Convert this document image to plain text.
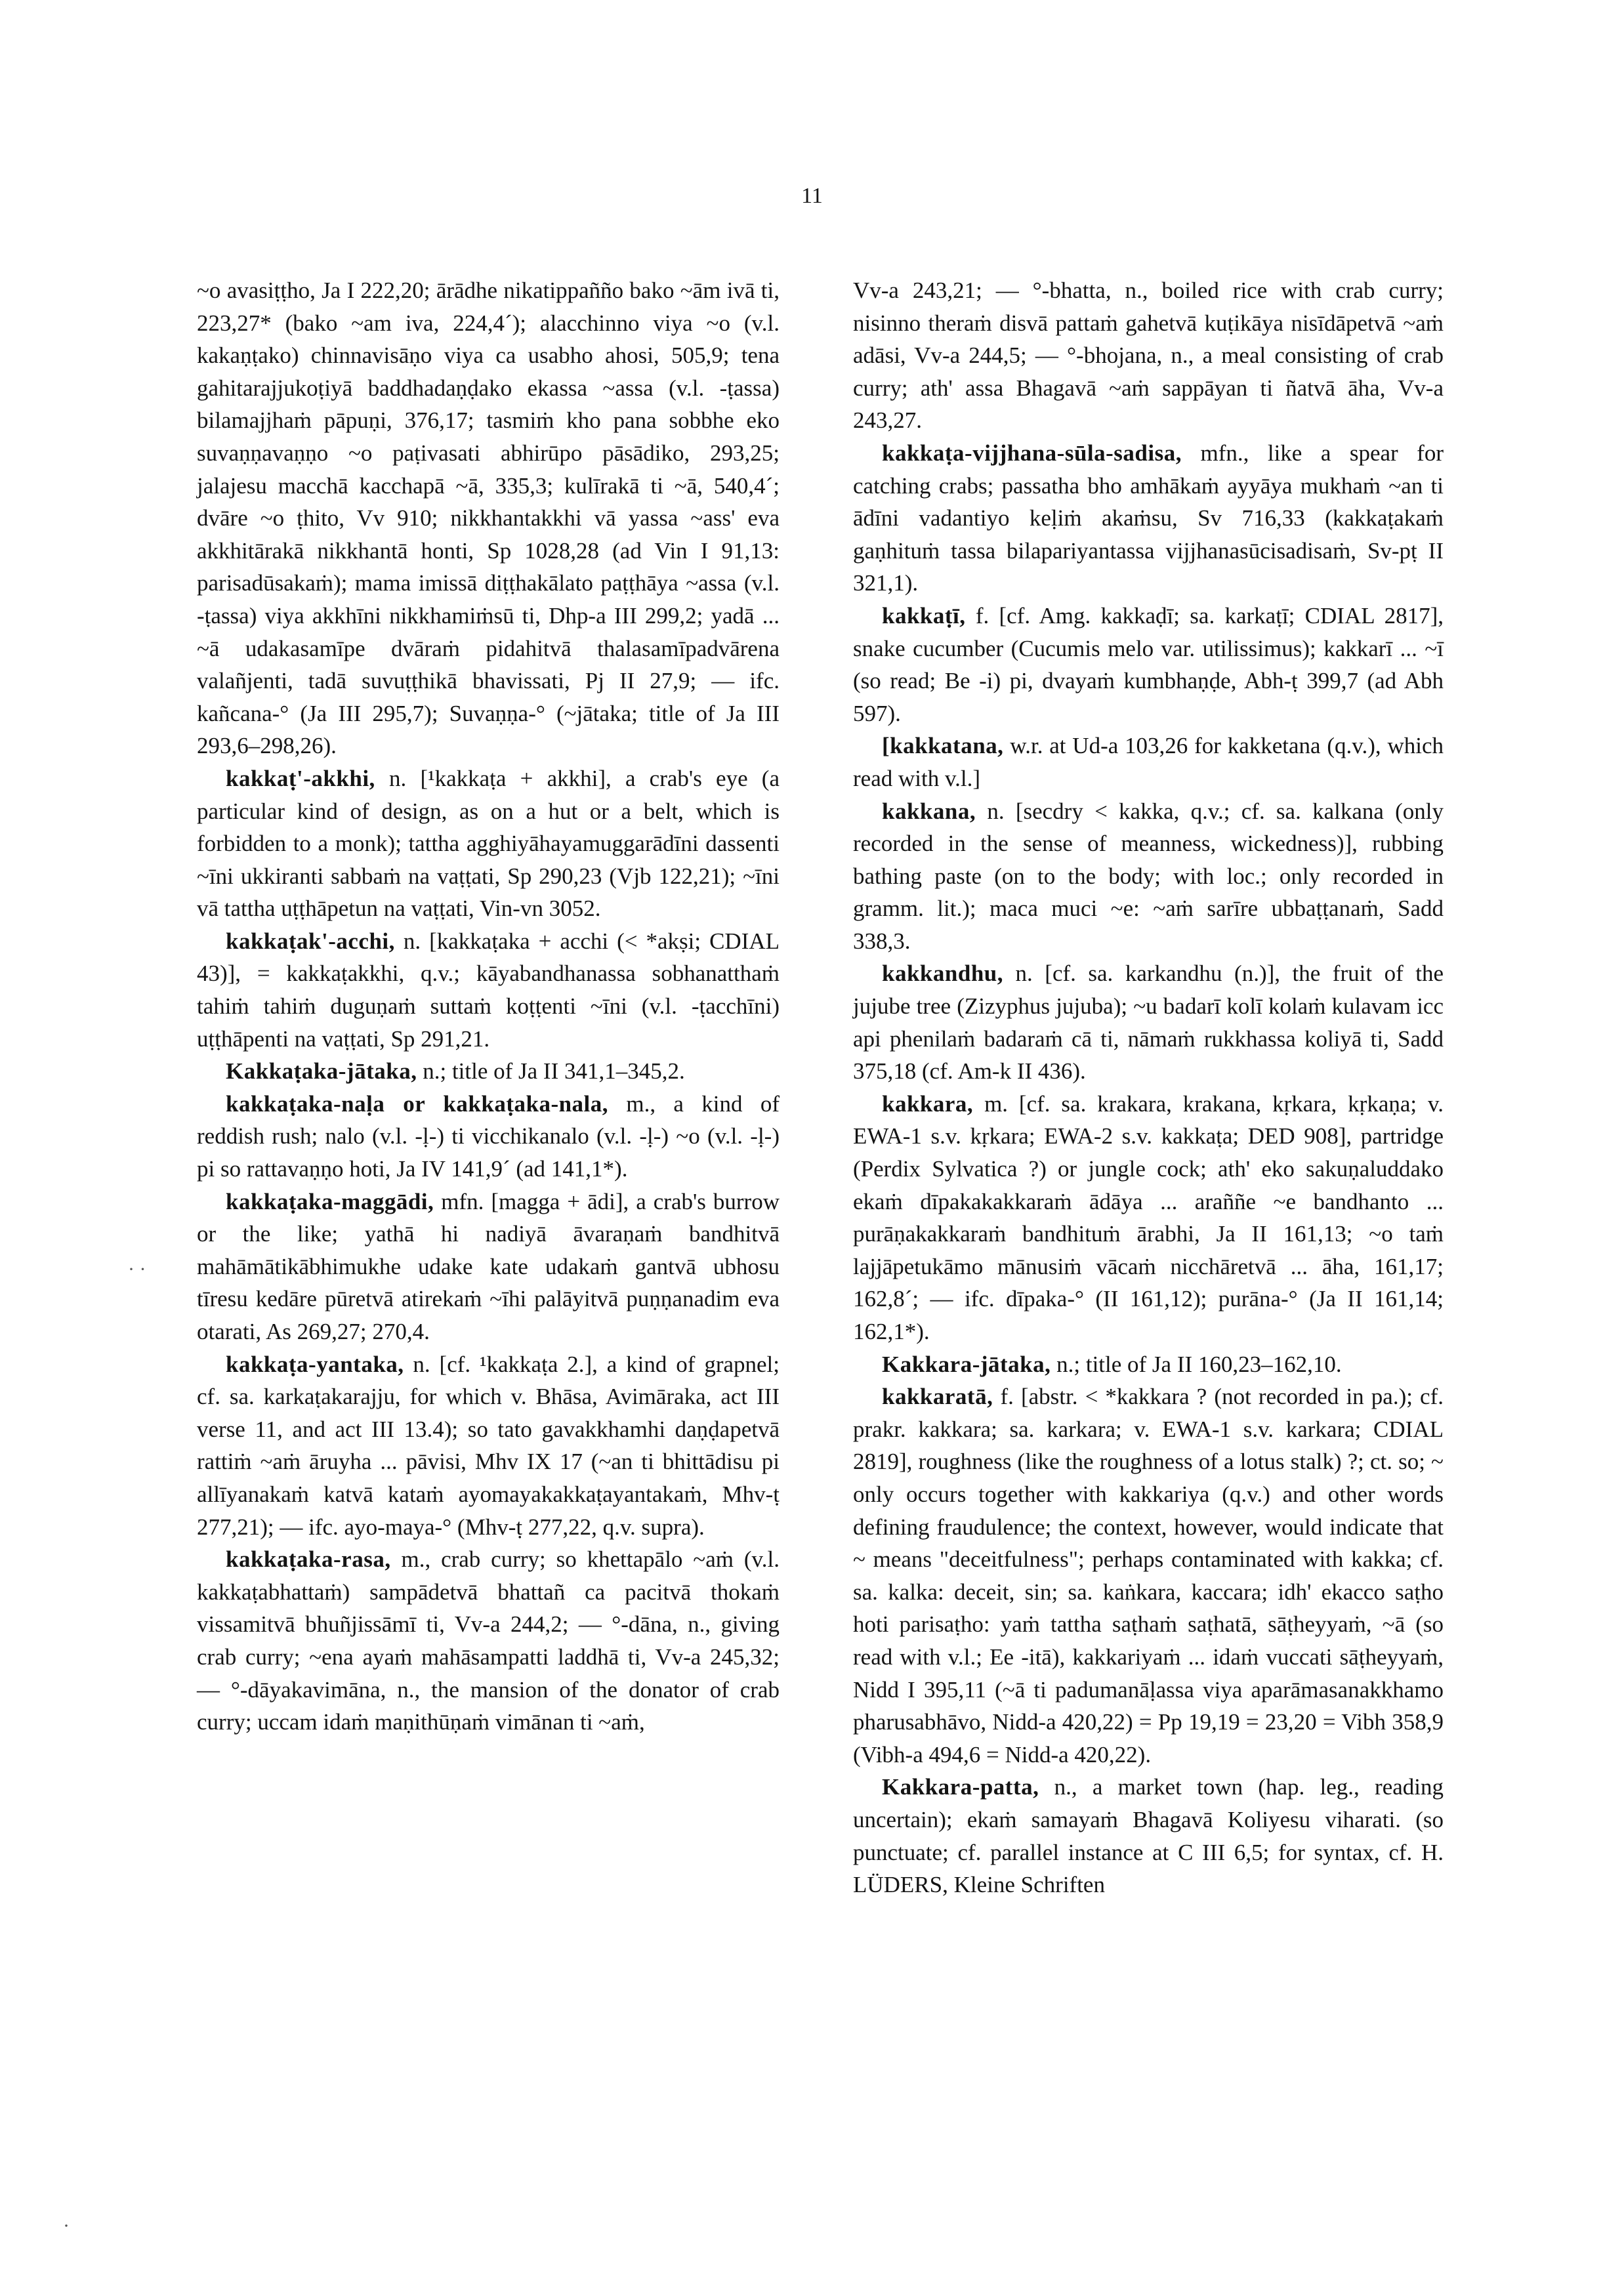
11

~o avasiṭṭho, Ja I 222,20; ārādhe nikatippañño bako ~ām ivā ti, 223,27* (bako ~am iva, 224,4´); alacchinno viya ~o (v.l. kakaṇṭako) chinnavisāṇo viya ca usabho ahosi, 505,9; tena gahitarajjukoṭiyā baddhadaṇḍako ekassa ~assa (v.l. -ṭassa) bilamajjhaṁ pāpuṇi, 376,17; tasmiṁ kho pana sobbhe eko suvaṇṇavaṇṇo ~o paṭivasati abhirūpo pāsādiko, 293,25; jalajesu macchā kacchapā ~ā, 335,3; kulīrakā ti ~ā, 540,4´; dvāre ~o ṭhito, Vv 910; nikkhantakkhi vā yassa ~ass' eva akkhitārakā nikkhantā honti, Sp 1028,28 (ad Vin I 91,13: parisadūsakaṁ); mama imissā diṭṭhakālato paṭṭhāya ~assa (v.l. -ṭassa) viya akkhīni nikkhamiṁsū ti, Dhp-a III 299,2; yadā ... ~ā udakasamīpe dvāraṁ pidahitvā thalasamīpadvārena valañjenti, tadā suvuṭṭhikā bhavissati, Pj II 27,9; — ifc. kañcana-° (Ja III 295,7); Suvaṇṇa-° (~jātaka; title of Ja III 293,6–298,26).

kakkaṭ'-akkhi, n. [¹kakkaṭa + akkhi], a crab's eye (a particular kind of design, as on a hut or a belt, which is forbidden to a monk); tattha agghiyāhayamuggarādīni dassenti ~īni ukkiranti sabbaṁ na vaṭṭati, Sp 290,23 (Vjb 122,21); ~īni vā tattha uṭṭhāpetun na vaṭṭati, Vin-vn 3052.

kakkaṭak'-acchi, n. [kakkaṭaka + acchi (< *akṣi; CDIAL 43)], = kakkaṭakkhi, q.v.; kāyabandhanassa sobhanatthaṁ tahiṁ tahiṁ duguṇaṁ suttaṁ koṭṭenti ~īni (v.l. -ṭacchīni) uṭṭhāpenti na vaṭṭati, Sp 291,21.

Kakkaṭaka-jātaka, n.; title of Ja II 341,1–345,2.

kakkaṭaka-naḷa or kakkaṭaka-nala, m., a kind of reddish rush; nalo (v.l. -ḷ-) ti vicchikanalo (v.l. -ḷ-) ~o (v.l. -ḷ-) pi so rattavaṇṇo hoti, Ja IV 141,9´ (ad 141,1*).

kakkaṭaka-maggādi, mfn. [magga + ādi], a crab's burrow or the like; yathā hi nadiyā āvaraṇaṁ bandhitvā mahāmātikābhimukhe udake kate udakaṁ gantvā ubhosu tīresu kedāre pūretvā atirekaṁ ~īhi palāyitvā puṇṇanadim eva otarati, As 269,27; 270,4.

kakkaṭa-yantaka, n. [cf. ¹kakkaṭa 2.], a kind of grapnel; cf. sa. karkaṭakarajju, for which v. Bhāsa, Avimāraka, act III verse 11, and act III 13.4); so tato gavakkhamhi daṇḍapetvā rattiṁ ~aṁ āruyha ... pāvisi, Mhv IX 17 (~an ti bhittādisu pi allīyanakaṁ katvā kataṁ ayomayakakkaṭayantakaṁ, Mhv-ṭ 277,21); — ifc. ayo-maya-° (Mhv-ṭ 277,22, q.v. supra).

kakkaṭaka-rasa, m., crab curry; so khettapālo ~aṁ (v.l. kakkaṭabhattaṁ) sampādetvā bhattañ ca pacitvā thokaṁ vissamitvā bhuñjissāmī ti, Vv-a 244,2; — °-dāna, n., giving crab curry; ~ena ayaṁ mahāsampatti laddhā ti, Vv-a 245,32; — °-dāyakavimāna, n., the mansion of the donator of crab curry; uccam idaṁ maṇithūṇaṁ vimānan ti ~aṁ,

Vv-a 243,21; — °-bhatta, n., boiled rice with crab curry; nisinno theraṁ disvā pattaṁ gahetvā kuṭikāya nisīdāpetvā ~aṁ adāsi, Vv-a 244,5; — °-bhojana, n., a meal consisting of crab curry; ath' assa Bhagavā ~aṁ sappāyan ti ñatvā āha, Vv-a 243,27.

kakkaṭa-vijjhana-sūla-sadisa, mfn., like a spear for catching crabs; passatha bho amhākaṁ ayyāya mukhaṁ ~an ti ādīni vadantiyo keḷiṁ akaṁsu, Sv 716,33 (kakkaṭakaṁ gaṇhituṁ tassa bilapariyantassa vijjhanasūcisadisaṁ, Sv-pṭ II 321,1).

kakkaṭī, f. [cf. Amg. kakkaḍī; sa. karkaṭī; CDIAL 2817], snake cucumber (Cucumis melo var. utilissimus); kakkarī ... ~ī (so read; Be -i) pi, dvayaṁ kumbhaṇḍe, Abh-ṭ 399,7 (ad Abh 597).

[kakkatana, w.r. at Ud-a 103,26 for kakketana (q.v.), which read with v.l.]

kakkana, n. [secdry < kakka, q.v.; cf. sa. kalkana (only recorded in the sense of meanness, wickedness)], rubbing bathing paste (on to the body; with loc.; only recorded in gramm. lit.); maca muci ~e: ~aṁ sarīre ubbaṭṭanaṁ, Sadd 338,3.

kakkandhu, n. [cf. sa. karkandhu (n.)], the fruit of the jujube tree (Zizyphus jujuba); ~u badarī kolī kolaṁ kulavam icc api phenilaṁ badaraṁ cā ti, nāmaṁ rukkhassa koliyā ti, Sadd 375,18 (cf. Am-k II 436).

kakkara, m. [cf. sa. krakara, krakana, kṛkara, kṛkaṇa; v. EWA-1 s.v. kṛkara; EWA-2 s.v. kakkaṭa; DED 908], partridge (Perdix Sylvatica ?) or jungle cock; ath' eko sakuṇaluddako ekaṁ dīpakakakkaraṁ ādāya ... araññe ~e bandhanto ... purāṇakakkaraṁ bandhituṁ ārabhi, Ja II 161,13; ~o taṁ lajjāpetukāmo mānusiṁ vācaṁ nicchāretvā ... āha, 161,17; 162,8´; — ifc. dīpaka-° (II 161,12); purāna-° (Ja II 161,14; 162,1*).

Kakkara-jātaka, n.; title of Ja II 160,23–162,10.

kakkaratā, f. [abstr. < *kakkara ? (not recorded in pa.); cf. prakr. kakkara; sa. karkara; v. EWA-1 s.v. karkara; CDIAL 2819], roughness (like the roughness of a lotus stalk) ?; ct. so; ~ only occurs together with kakkariya (q.v.) and other words defining fraudulence; the context, however, would indicate that ~ means "deceitfulness"; perhaps contaminated with kakka; cf. sa. kalka: deceit, sin; sa. kaṅkara, kaccara; idh' ekacco saṭho hoti parisaṭho: yaṁ tattha saṭhaṁ saṭhatā, sāṭheyyaṁ, ~ā (so read with v.l.; Ee -itā), kakkariyaṁ ... idaṁ vuccati sāṭheyyaṁ, Nidd I 395,11 (~ā ti padumanāḷassa viya aparāmasanakkhamo pharusabhāvo, Nidd-a 420,22) = Pp 19,19 = 23,20 = Vibh 358,9 (Vibh-a 494,6 = Nidd-a 420,22).

Kakkara-patta, n., a market town (hap. leg., reading uncertain); ekaṁ samayaṁ Bhagavā Koliyesu viharati. (so punctuate; cf. parallel instance at C III 6,5; for syntax, cf. H. LÜDERS, Kleine Schriften

· ·
·
